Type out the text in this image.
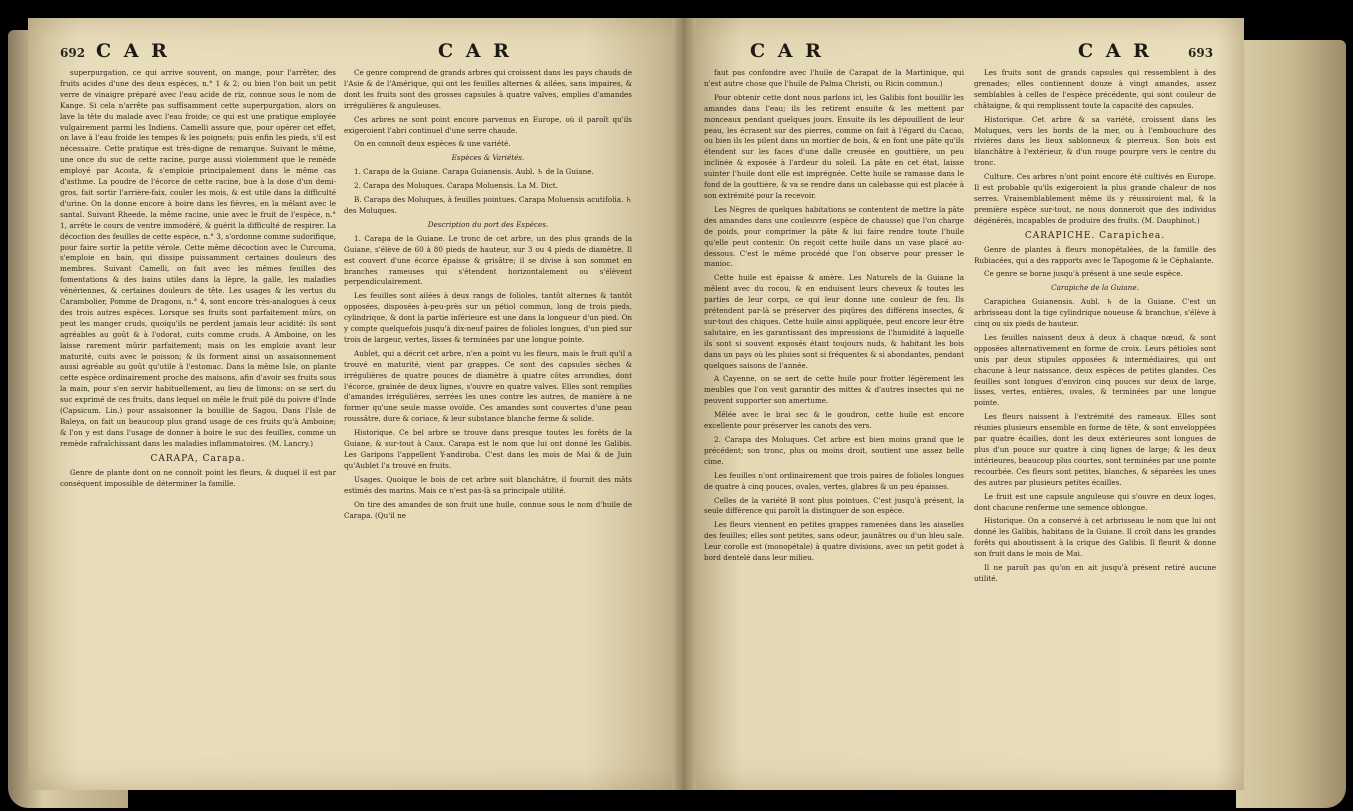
692 C A R	C A R	C A R	C A R	693

superpurgation, ce qui arrive souvent, on mange, pour l'arrêter, des fruits acides d'une des deux espèces, n.° 1 & 2; ou bien l'on boit un petit verre de vinaigre préparé avec l'eau acide de riz, connue sous le nom de Kange. Si cela n'arrête pas suffisamment cette superpurgation, alors on lave la tête du malade avec l'eau froide; ce qui est une pratique employée vulgairement parmi les Indiens. Camelli assure que, pour opérer cet effet, on lave à l'eau froide les tempes & les poignets; puis enfin les pieds, s'il est nécessaire. Cette pratique est très-digne de remarque. Suivant le même, une once du suc de cette racine, purge aussi violemment que le remède employé par Acosta, & s'emploie principalement dans le même cas d'asthme. La poudre de l'écorce de cette racine, bue à la dose d'un demi-gros, fait sortir l'arrière-faix, couler les mois, & est utile dans la difficulté d'urine. On la donne encore à boire dans les fièvres, en la mêlant avec le santal. Suivant Rheede, la même racine, unie avec le fruit de l'espèce, n.° 1, arrête le cours de ventre immodéré, & guérit la difficulté de respirer. La décoction des feuilles de cette espèce, n.° 3, s'ordonne comme sudorifique, pour faire sortir la petite vérole. Cette même décoction avec le Curcuma, s'emploie en bain, qui dissipe puissamment certaines douleurs des membres. Suivant Camelli, on fait avec les mêmes feuilles des fomentations & des bains utiles dans la lèpre, la galle, les maladies vénériennes, & certaines douleurs de tête. Les usages & les vertus du Carambolier, Pomme de Dragons, n.° 4, sont encore très-analogues à ceux des trois autres espèces. Lorsque ses fruits sont parfaitement mûrs, on peut les manger cruds, quoiqu'ils ne perdent jamais leur acidité: ils sont agréables au goût & à l'odorat, cuits comme cruds. A Amboine, on les laisse rarement mûrir parfaitement; mais on les emploie avant leur maturité, cuits avec le poisson; & ils forment ainsi un assaisonnement aussi agréable au goût qu'utile à l'estomac. Dans la même Isle, on plante cette espèce ordinairement proche des maisons, afin d'avoir ses fruits sous la main, pour s'en servir habituellement, au lieu de limons: on se sert du suc exprimé de ces fruits, dans lequel on mêle le fruit pilé du poivre d'Inde (Capsicum. Lin.) pour assaisonner la bouillie de Sagou. Dans l'Isle de Baleya, on fait un beaucoup plus grand usage de ces fruits qu'à Amboine; & l'on y est dans l'usage de donner à boire le suc des feuilles, comme un remède rafraîchissant dans les maladies inflammatoires. (M. Lancry.)

CARAPA, Carapa.

Genre de plante dont on ne connoît point les fleurs, & duquel il est par conséquent impossible de déterminer la famille.

Ce genre comprend de grands arbres qui croissent dans les pays chauds de l'Asie & de l'Amérique, qui ont les feuilles alternes & ailées, sans impaires, & dont les fruits sont des grosses capsules à quatre valves, emplies d'amandes irrégulières & anguleuses.

Ces arbres ne sont point encore parvenus en Europe, où il paroît qu'ils exigeroient l'abri continuel d'une serre chaude.

On en connoît deux espèces & une variété.

Espèces & Variétés.

1. Carapa de la Guiane. Carapa Guianensis. Aubl. ♄ de la Guiane.

2. Carapa des Moluques. Carapa Moluensis. La M. Dict.

B. Carapa des Moluques, à feuilles pointues. Carapa Moluensis acutifolia. ♄ des Moluques.

Description du port des Espèces.

1. Carapa de la Guiane. Le tronc de cet arbre, un des plus grands de la Guiane, s'élève de 60 à 80 pieds de hauteur, sur 3 ou 4 pieds de diamètre. Il est couvert d'une écorce épaisse & grisâtre; il se divise à son sommet en branches rameuses qui s'étendent horizontalement ou s'élèvent perpendiculairement.

Les feuilles sont ailées à deux rangs de folioles, tantôt alternes & tantôt opposées, disposées à-peu-près sur un pétiol commun, long de trois pieds, cylindrique, & dont la partie inférieure est une dans la longueur d'un pied. On y compte quelquefois jusqu'à dix-neuf paires de folioles longues, d'un pied sur trois de largeur, vertes, lisses & terminées par une longue pointe.

Aublet, qui a décrit cet arbre, n'en a point vu les fleurs, mais le fruit qu'il a trouvé en maturité, vient par grappes. Ce sont des capsules sèches & irrégulières de quatre pouces de diamètre à quatre côtes arrondies, dont l'écorce, grainée de deux lignes, s'ouvre en quatre valves. Elles sont remplies d'amandes irrégulières, serrées les unes contre les autres, de manière à ne former qu'une seule masse ovoïde. Ces amandes sont couvertes d'une peau roussâtre, dure & coriace, & leur substance blanche ferme & solide.

Historique. Ce bel arbre se trouve dans presque toutes les forêts de la Guiane, & sur-tout à Caux. Carapa est le nom que lui ont donné les Galibis. Les Garipons l'appellent Y-andiroba. C'est dans les mois de Mai & de Juin qu'Aublet l'a trouvé en fruits.

Usages. Quoique le bois de cet arbre soit blanchâtre, il fournit des mâts estimés des marins. Mais ce n'est pas-là sa principale utilité.

On tire des amandes de son fruit une huile, connue sous le nom d'huile de Carapa. (Qu'il ne

faut pas confondre avec l'huile de Carapat de la Martinique, qui n'est autre chose que l'huile de Palma Christi, ou Ricin commun.)

Pour obtenir cette dont nous parlons ici, les Galibis font bouillir les amandes dans l'eau; ils les retirent ensuite & les mettent par monceaux pendant quelques jours. Ensuite ils les dépouillent de leur peau, les écrasent sur des pierres, comme on fait à l'égard du Cacao, ou bien ils les pilent dans un mortier de bois, & en font une pâte qu'ils étendent sur les faces d'une dalle creusée en gouttière, un peu inclinée & exposée à l'ardeur du soleil. La pâte en cet état, laisse suinter l'huile dont elle est imprégnée. Cette huile se ramasse dans le fond de la gouttière, & va se rendre dans un calebasse qui est placée à son extrémité pour la recevoir.

Les Nègres de quelques habitations se contentent de mettre la pâte des amandes dans une couleuvre (espèce de chausse) que l'on charge de poids, pour comprimer la pâte & lui faire rendre toute l'huile qu'elle peut contenir. On reçoit cette huile dans un vase placé au-dessous. C'est le même procédé que l'on observe pour presser le manioc.

Cette huile est épaisse & amère. Les Naturels de la Guiane la mêlent avec du rocou, & en enduisent leurs cheveux & toutes les parties de leur corps, ce qui leur donne une couleur de feu. Ils prétendent par-là se préserver des piqûres des différens insectes, & sur-tout des chiques. Cette huile ainsi appliquée, peut encore leur être salutaire, en les garantissant des impressions de l'humidité à laquelle ils sont si souvent exposés étant toujours nuds, & habitant les bois dans un pays où les pluies sont si fréquentes & si abondantes, pendant quelques saisons de l'année.

A Cayenne, on se sert de cette huile pour frotter légèrement les meubles que l'on veut garantir des mittes & d'autres insectes qui ne peuvent supporter son amertume.

Mêlée avec le brai sec & le goudron, cette huile est encore excellente pour préserver les canots des vers.

2. Carapa des Moluques. Cet arbre est bien moins grand que le précédent; son tronc, plus ou moins droit, soutient une assez belle cime.

Les feuilles n'ont ordinairement que trois paires de folioles longues de quatre à cinq pouces, ovales, vertes, glabres & un peu épaisses.

Celles de la variété B sont plus pointues. C'est jusqu'à présent, la seule différence qui paroît la distinguer de son espèce.

Les fleurs viennent en petites grappes ramenées dans les aisselles des feuilles; elles sont petites, sans odeur, jaunâtres ou d'un bleu sale. Leur corolle est (monopétale) à quatre divisions, avec un petit godet à bord dentelé dans leur milieu.

Les fruits sont de grands capsules qui ressemblent à des grenades; elles contiennent douze à vingt amandes, assez semblables à celles de l'espèce précédente, qui sont couleur de châtaigne, & qui remplissent toute la capacité des capsules.

Historique. Cet arbre & sa variété, croissent dans les Moluques, vers les bords de la mer, ou à l'embouchure des rivières dans les lieux sablonneux & pierreux. Son bois est blanchâtre à l'extérieur, & d'un rouge pourpre vers le centre du tronc.

Culture. Ces arbres n'ont point encore été cultivés en Europe. Il est probable qu'ils exigeroient la plus grande chaleur de nos serres. Vraisemblablement même ils y réussiroient mal, & la première espèce sur-tout, ne nous donneroit que des individus dégénérés, incapables de produire des fruits. (M. Dauphinot.)

CARAPICHE. Carapichea.

Genre de plantes à fleurs monopétalées, de la famille des Rubiacées, qui a des rapports avec le Tapogome & le Céphalante.

Ce genre se borne jusqu'à présent à une seule espèce.

Carapiche de la Guiane.

Carapichea Guianensis. Aubl. ♄ de la Guiane. C'est un arbrisseau dont la tige cylindrique noueuse & branchue, s'élève à cinq ou six pieds de hauteur.

Les feuilles naissent deux à deux à chaque nœud, & sont opposées alternativement en forme de croix. Leurs pétioles sont unis par deux stipules opposées & intermédiaires, qui ont chacune à leur naissance, deux espèces de petites glandes. Ces feuilles sont longues d'environ cinq pouces sur deux de large, lisses, vertes, entières, ovales, & terminées par une longue pointe.

Les fleurs naissent à l'extrémité des rameaux. Elles sont réunies plusieurs ensemble en forme de tête, & sont enveloppées par quatre écailles, dont les deux extérieures sont longues de plus d'un pouce sur quatre à cinq lignes de large; & les deux intérieures, beaucoup plus courtes, sont terminées par une pointe recourbée. Ces fleurs sont petites, blanches, & séparées les unes des autres par plusieurs petites écailles.

Le fruit est une capsule anguleuse qui s'ouvre en deux loges, dont chacune renferme une semence oblongue.

Historique. On a conservé à cet arbrisseau le nom que lui ont donné les Galibis, habitans de la Guiane. Il croît dans les grandes forêts qui aboutissent à la crique des Galibis. Il fleurit & donne son fruit dans le mois de Mai.

Il ne paroît pas qu'on en ait jusqu'à présent retiré aucune utilité.
